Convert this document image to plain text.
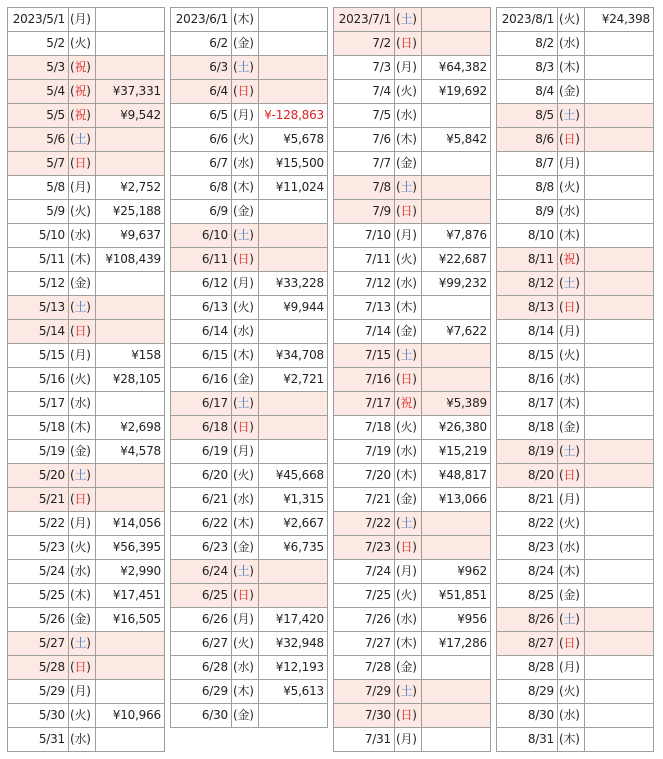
2023/5/1	(月)	
5/2	(火)	
5/3	(祝)	
5/4	(祝)	¥37,331
5/5	(祝)	¥9,542
5/6	(土)	
5/7	(日)	
5/8	(月)	¥2,752
5/9	(火)	¥25,188
5/10	(水)	¥9,637
5/11	(木)	¥108,439
5/12	(金)	
5/13	(土)	
5/14	(日)	
5/15	(月)	¥158
5/16	(火)	¥28,105
5/17	(水)	
5/18	(木)	¥2,698
5/19	(金)	¥4,578
5/20	(土)	
5/21	(日)	
5/22	(月)	¥14,056
5/23	(火)	¥56,395
5/24	(水)	¥2,990
5/25	(木)	¥17,451
5/26	(金)	¥16,505
5/27	(土)	
5/28	(日)	
5/29	(月)	
5/30	(火)	¥10,966
5/31	(水)	
2023/6/1	(木)	
6/2	(金)	
6/3	(土)	
6/4	(日)	
6/5	(月)	¥-128,863
6/6	(火)	¥5,678
6/7	(水)	¥15,500
6/8	(木)	¥11,024
6/9	(金)	
6/10	(土)	
6/11	(日)	
6/12	(月)	¥33,228
6/13	(火)	¥9,944
6/14	(水)	
6/15	(木)	¥34,708
6/16	(金)	¥2,721
6/17	(土)	
6/18	(日)	
6/19	(月)	
6/20	(火)	¥45,668
6/21	(水)	¥1,315
6/22	(木)	¥2,667
6/23	(金)	¥6,735
6/24	(土)	
6/25	(日)	
6/26	(月)	¥17,420
6/27	(火)	¥32,948
6/28	(水)	¥12,193
6/29	(木)	¥5,613
6/30	(金)	
2023/7/1	(土)	
7/2	(日)	
7/3	(月)	¥64,382
7/4	(火)	¥19,692
7/5	(水)	
7/6	(木)	¥5,842
7/7	(金)	
7/8	(土)	
7/9	(日)	
7/10	(月)	¥7,876
7/11	(火)	¥22,687
7/12	(水)	¥99,232
7/13	(木)	
7/14	(金)	¥7,622
7/15	(土)	
7/16	(日)	
7/17	(祝)	¥5,389
7/18	(火)	¥26,380
7/19	(水)	¥15,219
7/20	(木)	¥48,817
7/21	(金)	¥13,066
7/22	(土)	
7/23	(日)	
7/24	(月)	¥962
7/25	(火)	¥51,851
7/26	(水)	¥956
7/27	(木)	¥17,286
7/28	(金)	
7/29	(土)	
7/30	(日)	
7/31	(月)	
2023/8/1	(火)	¥24,398
8/2	(水)	
8/3	(木)	
8/4	(金)	
8/5	(土)	
8/6	(日)	
8/7	(月)	
8/8	(火)	
8/9	(水)	
8/10	(木)	
8/11	(祝)	
8/12	(土)	
8/13	(日)	
8/14	(月)	
8/15	(火)	
8/16	(水)	
8/17	(木)	
8/18	(金)	
8/19	(土)	
8/20	(日)	
8/21	(月)	
8/22	(火)	
8/23	(水)	
8/24	(木)	
8/25	(金)	
8/26	(土)	
8/27	(日)	
8/28	(月)	
8/29	(火)	
8/30	(水)	
8/31	(木)	
